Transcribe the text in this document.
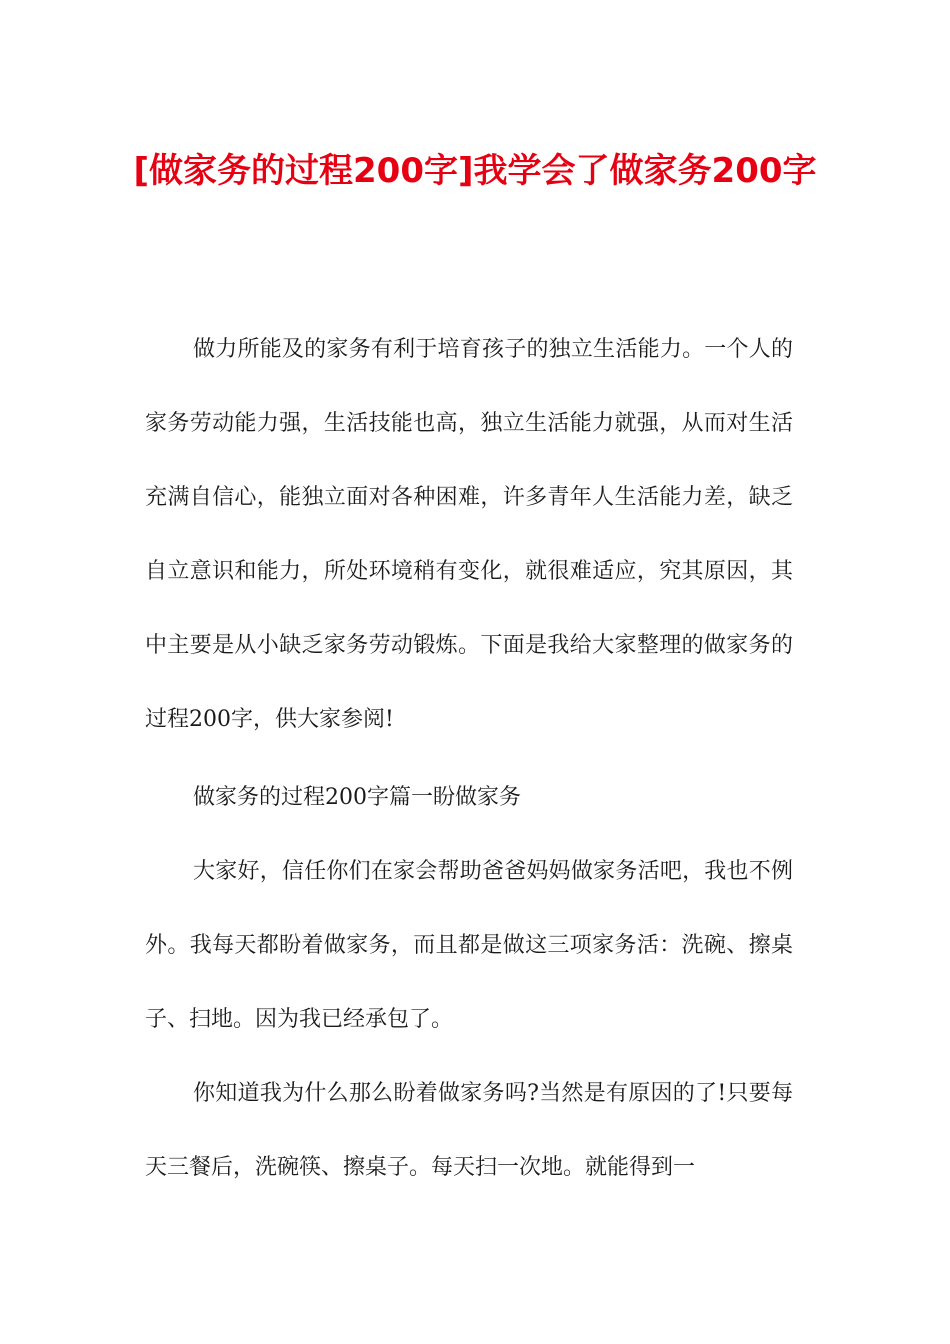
[做家务的过程200字]我学会了做家务200字

做力所能及的家务有利于培育孩子的独立生活能力。一个人的家务劳动能力强，生活技能也高，独立生活能力就强，从而对生活充满自信心，能独立面对各种困难，许多青年人生活能力差，缺乏自立意识和能力，所处环境稍有变化，就很难适应，究其原因，其中主要是从小缺乏家务劳动锻炼。下面是我给大家整理的做家务的过程200字，供大家参阅!

做家务的过程200字篇一盼做家务

大家好，信任你们在家会帮助爸爸妈妈做家务活吧，我也不例外。我每天都盼着做家务，而且都是做这三项家务活：洗碗、擦桌子、扫地。因为我已经承包了。

你知道我为什么那么盼着做家务吗?当然是有原因的了!只要每天三餐后，洗碗筷、擦桌子。每天扫一次地。就能得到一
